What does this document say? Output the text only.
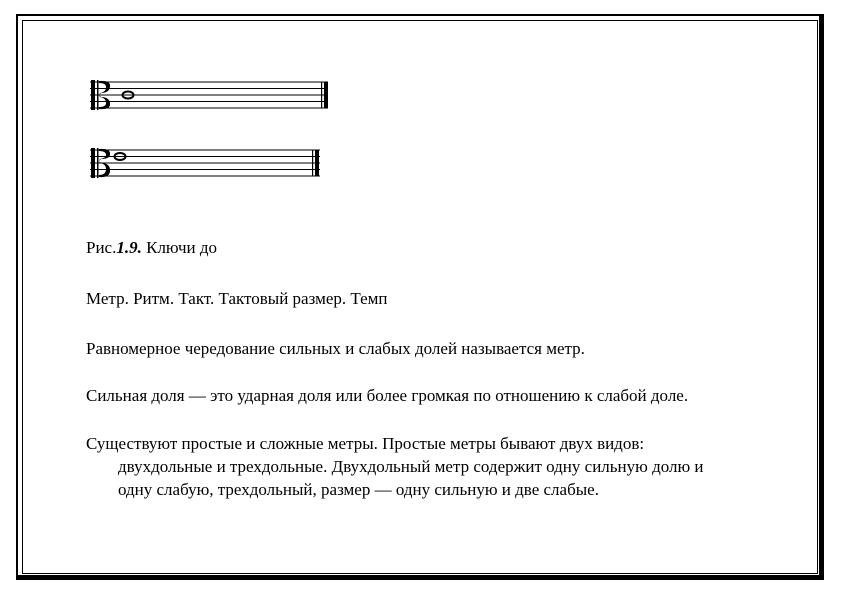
Рис.1.9. Ключи до
Метр. Ритм. Такт. Тактовый размер. Темп
Равномерное чередование сильных и слабых долей называется метр.
Сильная доля — это ударная доля или более громкая по отношению к слабой доле.
Существуют простые и сложные метры. Простые метры бывают двух видов:
двухдольные и трехдольные. Двухдольный метр содержит одну сильную долю и
одну слабую, трехдольный, размер — одну сильную и две слабые.
